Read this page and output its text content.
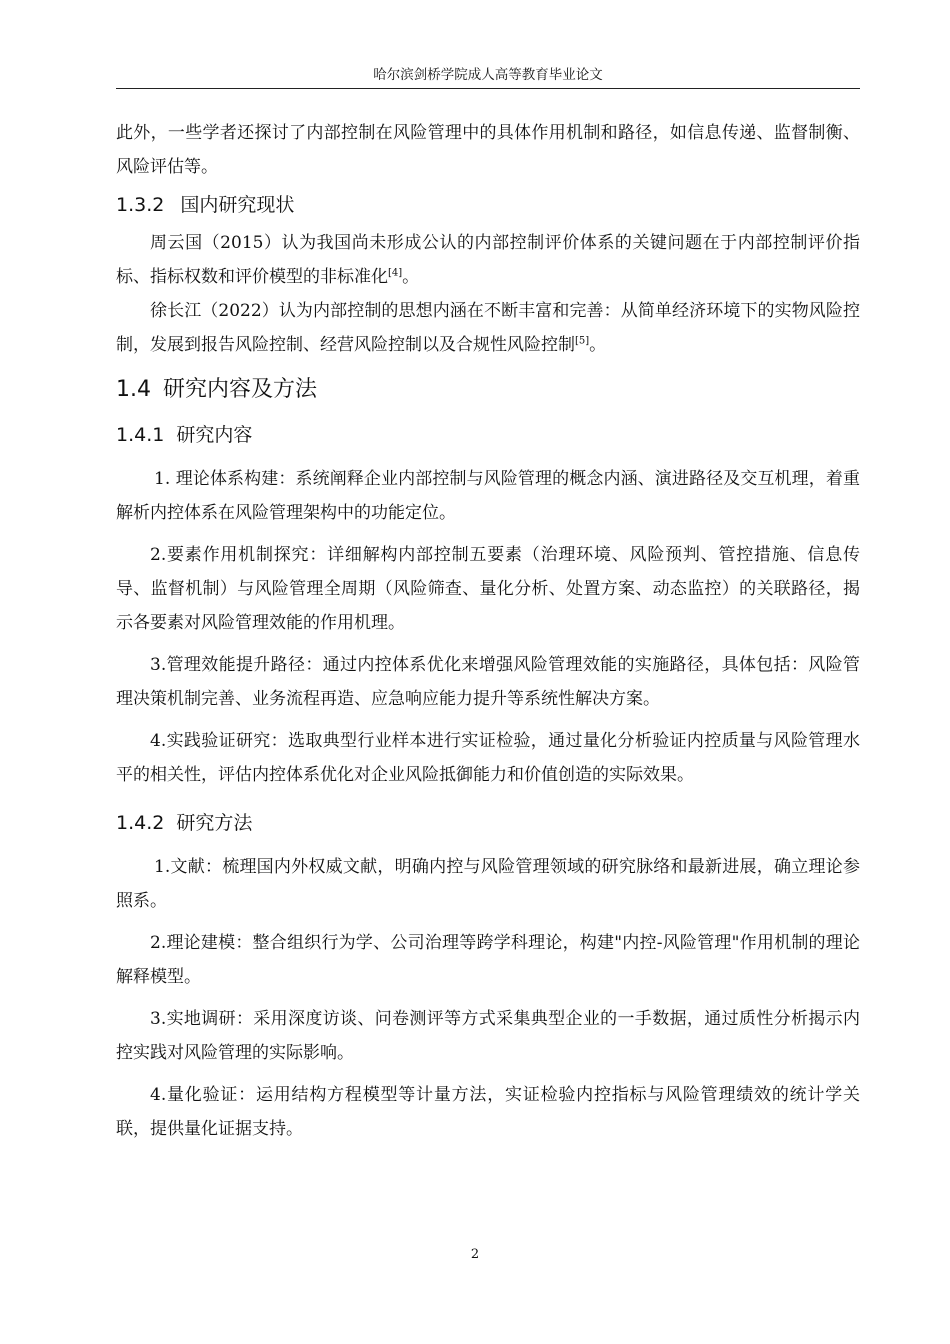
哈尔滨剑桥学院成人高等教育毕业论文

此外，一些学者还探讨了内部控制在风险管理中的具体作用机制和路径，如信息传递、监督制衡、风险评估等。

1.3.2 国内研究现状

周云国（2015）认为我国尚未形成公认的内部控制评价体系的关键问题在于内部控制评价指标、指标权数和评价模型的非标准化[4]。

徐长江（2022）认为内部控制的思想内涵在不断丰富和完善：从简单经济环境下的实物风险控制，发展到报告风险控制、经营风险控制以及合规性风险控制[5]。

1.4 研究内容及方法
1.4.1 研究内容

1. 理论体系构建：系统阐释企业内部控制与风险管理的概念内涵、演进路径及交互机理，着重解析内控体系在风险管理架构中的功能定位。

2.要素作用机制探究：详细解构内部控制五要素（治理环境、风险预判、管控措施、信息传导、监督机制）与风险管理全周期（风险筛查、量化分析、处置方案、动态监控）的关联路径，揭示各要素对风险管理效能的作用机理。

3.管理效能提升路径：通过内控体系优化来增强风险管理效能的实施路径，具体包括：风险管理决策机制完善、业务流程再造、应急响应能力提升等系统性解决方案。

4.实践验证研究：选取典型行业样本进行实证检验，通过量化分析验证内控质量与风险管理水平的相关性，评估内控体系优化对企业风险抵御能力和价值创造的实际效果。

1.4.2 研究方法

1.文献：梳理国内外权威文献，明确内控与风险管理领域的研究脉络和最新进展，确立理论参照系。

2.理论建模：整合组织行为学、公司治理等跨学科理论，构建"内控-风险管理"作用机制的理论解释模型。

3.实地调研：采用深度访谈、问卷测评等方式采集典型企业的一手数据，通过质性分析揭示内控实践对风险管理的实际影响。

4.量化验证：运用结构方程模型等计量方法，实证检验内控指标与风险管理绩效的统计学关联，提供量化证据支持。

2
